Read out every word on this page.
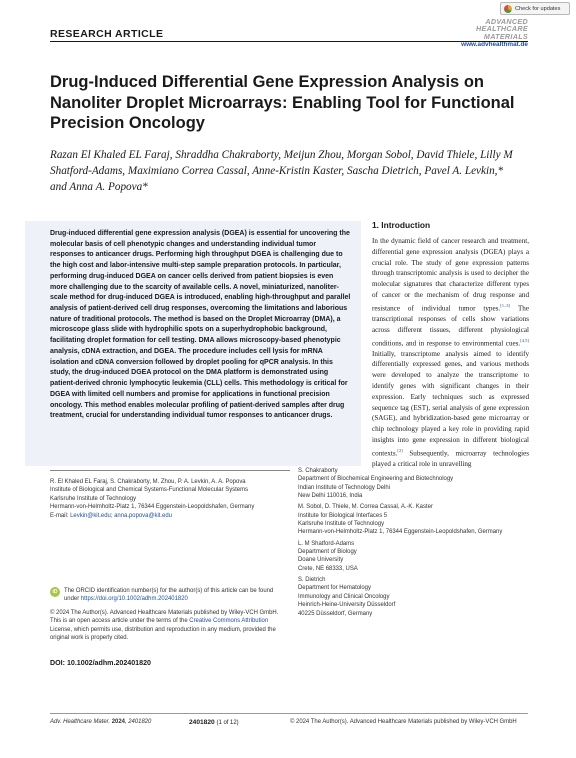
Check for updates
RESEARCH ARTICLE
ADVANCED
HEALTHCARE
MATERIALS
www.advhealthmat.de
Drug-Induced Differential Gene Expression Analysis on Nanoliter Droplet Microarrays: Enabling Tool for Functional Precision Oncology
Razan El Khaled EL Faraj, Shraddha Chakraborty, Meijun Zhou, Morgan Sobol, David Thiele, Lilly M Shatford-Adams, Maximiano Correa Cassal, Anne-Kristin Kaster, Sascha Dietrich, Pavel A. Levkin,* and Anna A. Popova*
Drug-induced differential gene expression analysis (DGEA) is essential for uncovering the molecular basis of cell phenotypic changes and understanding individual tumor responses to anticancer drugs. Performing high throughput DGEA is challenging due to the high cost and labor-intensive multi-step sample preparation protocols. In particular, performing drug-induced DGEA on cancer cells derived from patient biopsies is even more challenging due to the scarcity of available cells. A novel, miniaturized, nanoliter-scale method for drug-induced DGEA is introduced, enabling high-throughput and parallel analysis of patient-derived cell drug responses, overcoming the limitations and laborious nature of traditional protocols. The method is based on the Droplet Microarray (DMA), a microscope glass slide with hydrophilic spots on a superhydrophobic background, facilitating droplet formation for cell testing. DMA allows microscopy-based phenotypic analysis, cDNA extraction, and DGEA. The procedure includes cell lysis for mRNA isolation and cDNA conversion followed by droplet pooling for qPCR analysis. In this study, the drug-induced DGEA protocol on the DMA platform is demonstrated using patient-derived chronic lymphocytic leukemia (CLL) cells. This methodology is critical for DGEA with limited cell numbers and promise for applications in functional precision oncology. This method enables molecular profiling of patient-derived samples after drug treatment, crucial for understanding individual tumor responses to anticancer drugs.
1. Introduction
In the dynamic field of cancer research and treatment, differential gene expression analysis (DGEA) plays a crucial role. The study of gene expression patterns through transcriptomic analysis is used to decipher the molecular signatures that characterize different types of cancer or the mechanism of drug response and resistance of individual tumor types.[1–3] The transcriptional responses of cells show variations across different tissues, different physiological conditions, and in response to environmental cues.[4,5] Initially, transcriptome analysis aimed to identify differentially expressed genes, and various methods were developed to analyze the transcriptome to identify genes with significant changes in their expression. Early techniques such as expressed sequence tag (EST), serial analysis of gene expression (SAGE), and hybridization-based gene microarray or chip technology played a key role in providing rapid insights into gene expression in different biological contexts.[2] Subsequently, microarray technologies played a critical role in unravelling
R. El Khaled EL Faraj, S. Chakraborty, M. Zhou, P. A. Levkin, A. A. Popova
Institute of Biological and Chemical Systems-Functional Molecular Systems
Karlsruhe Institute of Technology
Hermann-von-Helmholtz-Platz 1, 76344 Eggenstein-Leopoldshafen, Germany
E-mail: Levkin@kit.edu; anna.popova@kit.edu
iD	The ORCID identification number(s) for the author(s) of this article can be found under https://doi.org/10.1002/adhm.202401820
© 2024 The Author(s). Advanced Healthcare Materials published by Wiley-VCH GmbH. This is an open access article under the terms of the Creative Commons Attribution License, which permits use, distribution and reproduction in any medium, provided the original work is properly cited.
DOI: 10.1002/adhm.202401820
S. Chakraborty
Department of Biochemical Engineering and Biotechnology
Indian Institute of Technology Delhi
New Delhi 110016, India
M. Sobol, D. Thiele, M. Correa Cassal, A.-K. Kaster
Institute for Biological Interfaces 5
Karlsruhe Institute of Technology
Hermann-von-Helmholtz-Platz 1, 76344 Eggenstein-Leopoldshafen, Germany
L. M Shatford-Adams
Department of Biology
Doane University
Crete, NE 68333, USA
S. Dietrich
Department for Hematology
Immunology and Clinical Oncology
Heinrich-Heine-University Düsseldorf
40225 Düsseldorf, Germany
Adv. Healthcare Mater. 2024, 2401820	2401820 (1 of 12)	© 2024 The Author(s). Advanced Healthcare Materials published by Wiley-VCH GmbH
